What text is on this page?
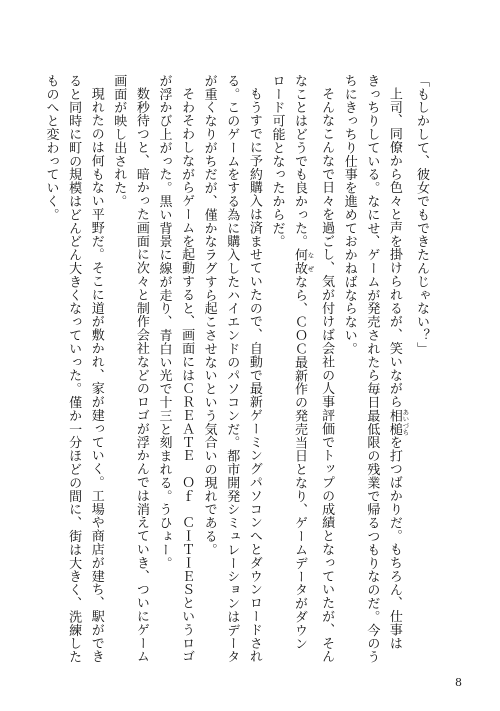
「もしかして、彼女でもできたんじゃない？」

上司、同僚から色々と声を掛けられるが、笑いながら相槌 あいづちを打つばかりだ。もちろん、仕事は

きっちりしている。なにせ、ゲームが発売されたら毎日最低限の残業で帰るつもりなのだ。今のう

ちにきっちり仕事を進めておかねばならない。

そんなこんなで日々を過ごし、気が付けば会社の人事評価でトップの成績となっていたが、そん

なことはどうでも良かった。何故 なぜなら、ＣＯＣ最新作の発売当日となり、ゲームデータがダウン

ロード可能となったからだ。

もうすでに予約購入は済ませていたので、自動で最新ゲーミングパソコンへとダウンロードされ

る。このゲームをする為に購入したハイエンドのパソコンだ。都市開発シミュレーションはデータ

が重くなりがちだが、僅かなラグすら起こさせないという気合いの現れである。

そわそわしながらゲームを起動すると、画面にはＣＲＥＡＴＥ　Ｏｆ　ＣＩＴＩＥＳというロゴ

が浮かび上がった。黒い背景に線が走り、青白い光で十三と刻まれる。うひょー。

数秒待つと、暗かった画面に次々と制作会社などのロゴが浮かんでは消えていき、ついにゲーム

画面が映し出された。

現れたのは何もない平野だ。そこに道が敷かれ、家が建っていく。工場や商店が建ち、駅ができ

ると同時に町の規模はどんどん大きくなっていった。僅か一分ほどの間に、街は大きく、洗練した

ものへと変わっていく。

8
